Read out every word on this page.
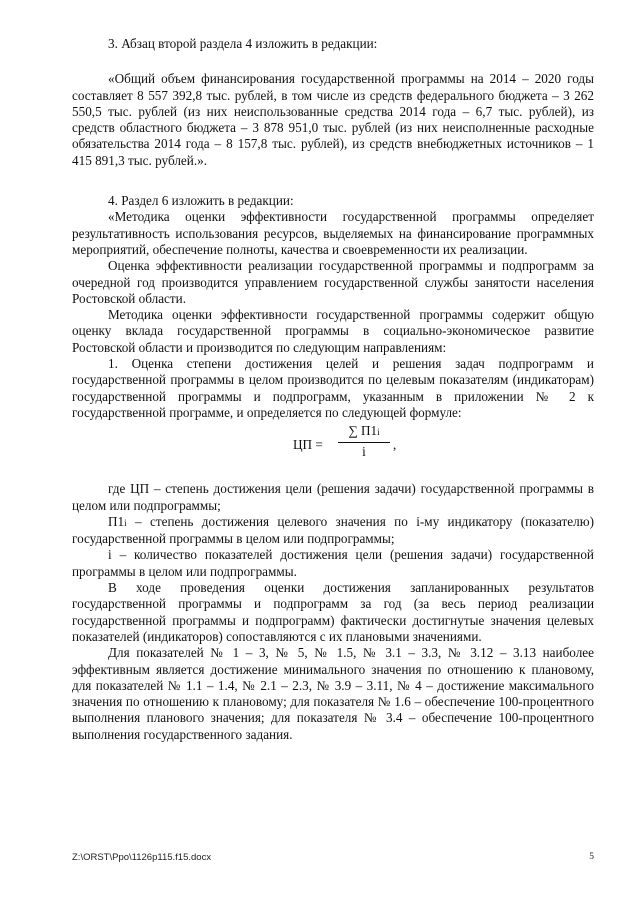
3. Абзац второй раздела 4 изложить в редакции:

«Общий объем финансирования государственной программы на 2014 – 2020 годы составляет 8 557 392,8 тыс. рублей, в том числе из средств федерального бюджета – 3 262 550,5 тыс. рублей (из них неиспользованные средства 2014 года – 6,7 тыс. рублей), из средств областного бюджета – 3 878 951,0 тыс. рублей (из них неисполненные расходные обязательства 2014 года – 8 157,8 тыс. рублей), из средств внебюджетных источников – 1 415 891,3 тыс. рублей.».

4. Раздел 6 изложить в редакции:

«Методика оценки эффективности государственной программы определяет результативность использования ресурсов, выделяемых на финансирование программных мероприятий, обеспечение полноты, качества и своевременности их реализации.

Оценка эффективности реализации государственной программы и подпрограмм за очередной год производится управлением государственной службы занятости населения Ростовской области.

Методика оценки эффективности государственной программы содержит общую оценку вклада государственной программы в социально-экономическое развитие Ростовской области и производится по следующим направлениям:

1. Оценка степени достижения целей и решения задач подпрограмм и государственной программы в целом производится по целевым показателям (индикаторам) государственной программы и подпрограмм, указанным в приложении № 2 к государственной программе, и определяется по следующей формуле:

ЦП =
∑ П1i
i	,

где ЦП – степень достижения цели (решения задачи) государственной программы в целом или подпрограммы;

П1i – степень достижения целевого значения по i-му индикатору (показателю) государственной программы в целом или подпрограммы;

i – количество показателей достижения цели (решения задачи) государственной программы в целом или подпрограммы.

В ходе проведения оценки достижения запланированных результатов государственной программы и подпрограмм за год (за весь период реализации государственной программы и подпрограмм) фактически достигнутые значения целевых показателей (индикаторов) сопоставляются с их плановыми значениями.

Для показателей № 1 – 3, № 5, № 1.5, № 3.1 – 3.3, № 3.12 – 3.13 наиболее эффективным является достижение минимального значения по отношению к плановому, для показателей № 1.1 – 1.4, № 2.1 – 2.3, № 3.9 – 3.11, № 4 – достижение максимального значения по отношению к плановому; для показателя № 1.6 – обеспечение 100-процентного выполнения планового значения; для показателя № 3.4 – обеспечение 100-процентного выполнения государственного задания.

Z:\ORST\Ppo\1126p115.f15.docx	5
